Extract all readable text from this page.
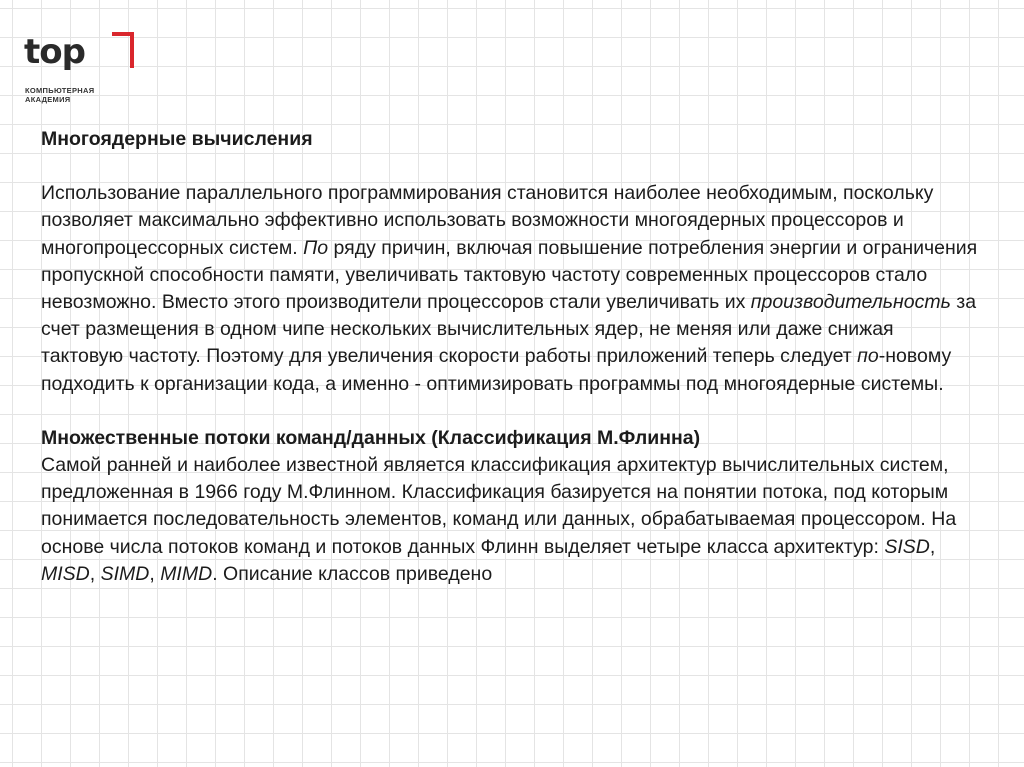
top
КОМПЬЮТЕРНАЯ
АКАДЕМИЯ

Многоядерные вычисления

Использование параллельного программирования становится наиболее необходимым, поскольку позволяет максимально эффективно использовать возможности многоядерных процессоров и многопроцессорных систем. По ряду причин, включая повышение потребления энергии и ограничения пропускной способности памяти, увеличивать тактовую частоту современных процессоров стало невозможно. Вместо этого производители процессоров стали увеличивать их производительность за счет размещения в одном чипе нескольких вычислительных ядер, не меняя или даже снижая тактовую частоту. Поэтому для увеличения скорости работы приложений теперь следует по-новому подходить к организации кода, а именно - оптимизировать программы под многоядерные системы.

Множественные потоки команд/данных (Классификация М.Флинна)

Самой ранней и наиболее известной является классификация архитектур вычислительных систем, предложенная в 1966 году М.Флинном. Классификация базируется на понятии потока, под которым понимается последовательность элементов, команд или данных, обрабатываемая процессором. На основе числа потоков команд и потоков данных Флинн выделяет четыре класса архитектур: SISD, MISD, SIMD, MIMD. Описание классов приведено
